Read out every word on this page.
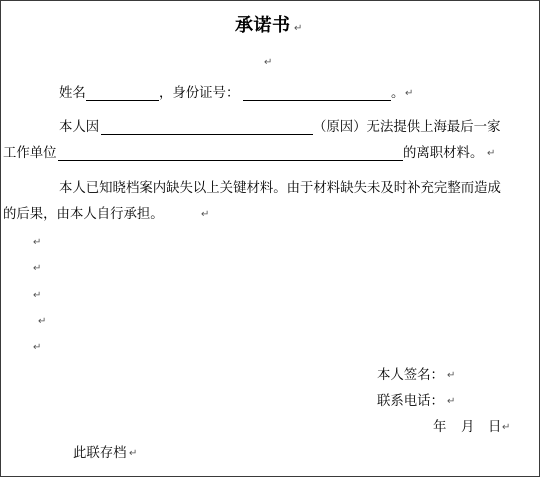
承诺书 ↵
↵
姓名	，身份证号：	。 ↵
本人因	（原因）无法提供上海最后一家
工作单位	的离职材料。 ↵
本人已知晓档案内缺失以上关键材料。由于材料缺失未及时补充完整而造成
的后果，由本人自行承担。	↵
↵
↵
↵
↵
↵
本人签名： ↵
联系电话： ↵
年 月 日 ↵
此联存档 ↵
